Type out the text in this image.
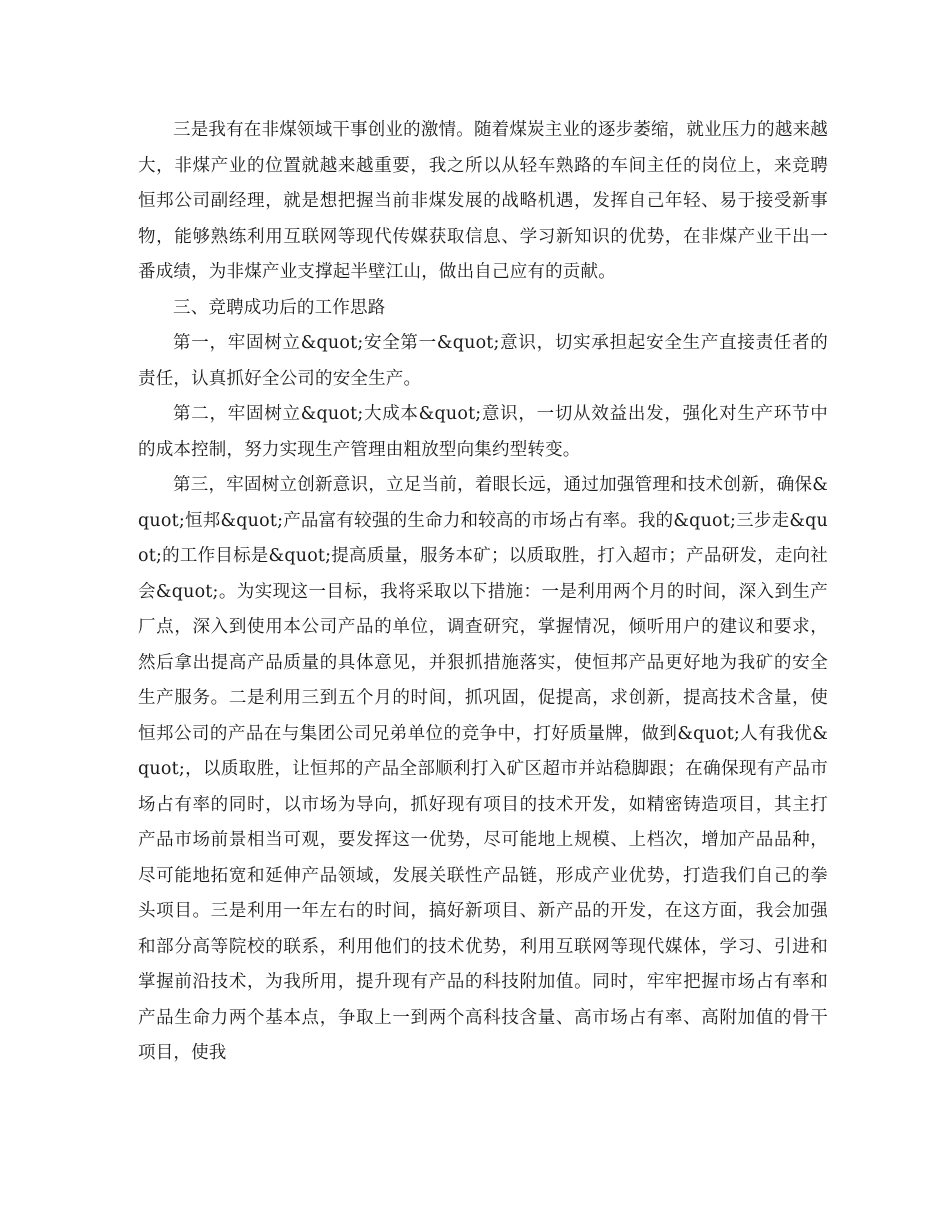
三是我有在非煤领域干事创业的激情。随着煤炭主业的逐步萎缩，就业压力的越来越大，非煤产业的位置就越来越重要，我之所以从轻车熟路的车间主任的岗位上，来竞聘恒邦公司副经理，就是想把握当前非煤发展的战略机遇，发挥自己年轻、易于接受新事物，能够熟练利用互联网等现代传媒获取信息、学习新知识的优势，在非煤产业干出一番成绩，为非煤产业支撑起半壁江山，做出自己应有的贡献。

三、竞聘成功后的工作思路

第一，牢固树立&quot;安全第一&quot;意识，切实承担起安全生产直接责任者的责任，认真抓好全公司的安全生产。

第二，牢固树立&quot;大成本&quot;意识，一切从效益出发，强化对生产环节中的成本控制，努力实现生产管理由粗放型向集约型转变。

第三，牢固树立创新意识，立足当前，着眼长远，通过加强管理和技术创新，确保&quot;恒邦&quot;产品富有较强的生命力和较高的市场占有率。我的&quot;三步走&quot;的工作目标是&quot;提高质量，服务本矿；以质取胜，打入超市；产品研发，走向社会&quot;。为实现这一目标，我将采取以下措施：一是利用两个月的时间，深入到生产厂点，深入到使用本公司产品的单位，调查研究，掌握情况，倾听用户的建议和要求，然后拿出提高产品质量的具体意见，并狠抓措施落实，使恒邦产品更好地为我矿的安全生产服务。二是利用三到五个月的时间，抓巩固，促提高，求创新，提高技术含量，使恒邦公司的产品在与集团公司兄弟单位的竞争中，打好质量牌，做到&quot;人有我优&quot;，以质取胜，让恒邦的产品全部顺利打入矿区超市并站稳脚跟；在确保现有产品市场占有率的同时，以市场为导向，抓好现有项目的技术开发，如精密铸造项目，其主打产品市场前景相当可观，要发挥这一优势，尽可能地上规模、上档次，增加产品品种，尽可能地拓宽和延伸产品领域，发展关联性产品链，形成产业优势，打造我们自己的拳头项目。三是利用一年左右的时间，搞好新项目、新产品的开发，在这方面，我会加强和部分高等院校的联系，利用他们的技术优势，利用互联网等现代媒体，学习、引进和掌握前沿技术，为我所用，提升现有产品的科技附加值。同时，牢牢把握市场占有率和产品生命力两个基本点，争取上一到两个高科技含量、高市场占有率、高附加值的骨干项目，使我
